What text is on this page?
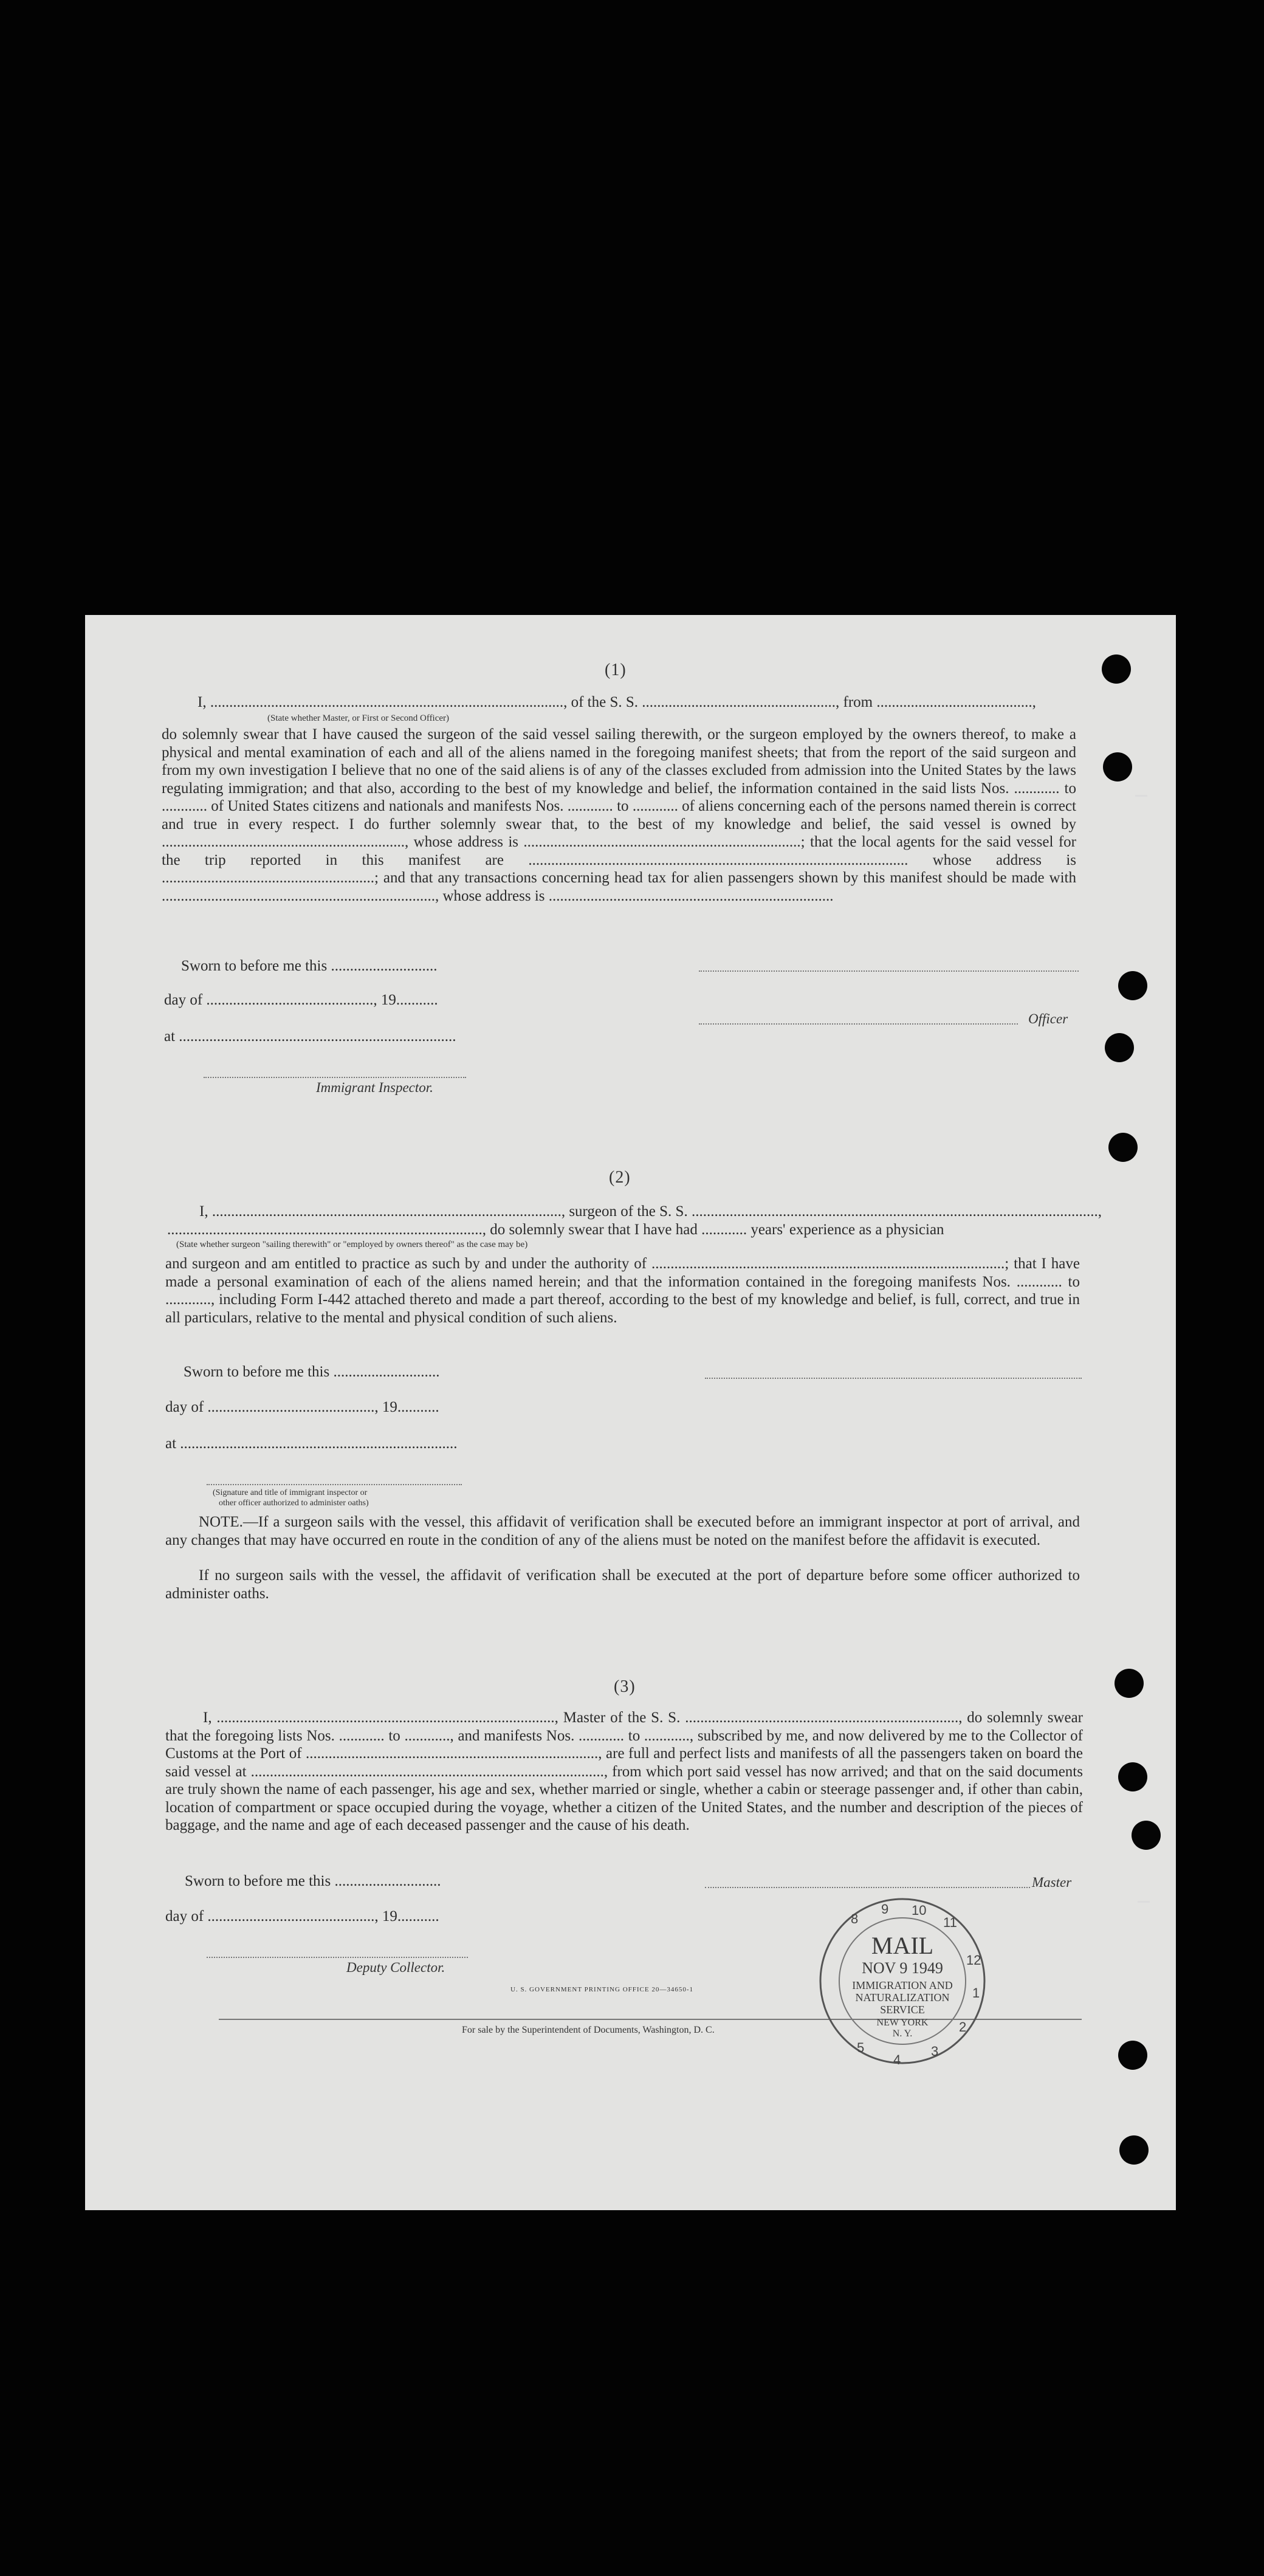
(1)
I, ............................................................................................., of the S. S. ..................................................., from .........................................,
(State whether Master, or First or Second Officer)
do solemnly swear that I have caused the surgeon of the said vessel sailing therewith, or the surgeon employed by the owners thereof, to make a physical and mental examination of each and all of the aliens named in the foregoing manifest sheets; that from the report of the said surgeon and from my own investigation I believe that no one of the said aliens is of any of the classes excluded from admission into the United States by the laws regulating immigration; and that also, according to the best of my knowledge and belief, the information contained in the said lists Nos. ............ to ............ of United States citizens and nationals and manifests Nos. ............ to ............ of aliens concerning each of the persons named therein is correct and true in every respect. I do further solemnly swear that, to the best of my knowledge and belief, the said vessel is owned by ................................................................, whose address is .........................................................................; that the local agents for the said vessel for the trip reported in this manifest are .................................................................................................... whose address is ........................................................; and that any transactions concerning head tax for alien passengers shown by this manifest should be made with ........................................................................, whose address is ...........................................................................
Sworn to before me this ............................
day of ............................................, 19...........
at .........................................................................
Immigrant Inspector.
Officer
(2)
I, ............................................................................................, surgeon of the S. S. ...........................................................................................................,
..................................................................................., do solemnly swear that I have had ............ years' experience as a physician
(State whether surgeon "sailing therewith" or "employed by owners thereof" as the case may be)
and surgeon and am entitled to practice as such by and under the authority of .............................................................................................; that I have made a personal examination of each of the aliens named herein; and that the information contained in the foregoing manifests Nos. ............ to ............, including Form I-442 attached thereto and made a part thereof, according to the best of my knowledge and belief, is full, correct, and true in all particulars, relative to the mental and physical condition of such aliens.
Sworn to before me this ............................
day of ............................................, 19...........
at .........................................................................
(Signature and title of immigrant inspector or
other officer authorized to administer oaths)
NOTE.—If a surgeon sails with the vessel, this affidavit of verification shall be executed before an immigrant inspector at port of arrival, and any changes that may have occurred en route in the condition of any of the aliens must be noted on the manifest before the affidavit is executed.
If no surgeon sails with the vessel, the affidavit of verification shall be executed at the port of departure before some officer authorized to administer oaths.
(3)
I, ........................................................................................., Master of the S. S. ........................................................................, do solemnly swear that the foregoing lists Nos. ............ to ............, and manifests Nos. ............ to ............, subscribed by me, and now delivered by me to the Collector of Customs at the Port of ............................................................................., are full and perfect lists and manifests of all the passengers taken on board the said vessel at ............................................................................................., from which port said vessel has now arrived; and that on the said documents are truly shown the name of each passenger, his age and sex, whether married or single, whether a cabin or steerage passenger and, if other than cabin, location of compartment or space occupied during the voyage, whether a citizen of the United States, and the number and description of the pieces of baggage, and the name and age of each deceased passenger and the cause of his death.
Sworn to before me this ............................	Master
day of ............................................, 19...........
Deputy Collector.
U. S. GOVERNMENT PRINTING OFFICE 20—34650-1
For sale by the Superintendent of Documents, Washington, D. C.
8
9 10
11
12
1
2
3
4
5
MAIL
NOV 9 1949
IMMIGRATION AND
NATURALIZATION
SERVICE
NEW YORK
N. Y.
